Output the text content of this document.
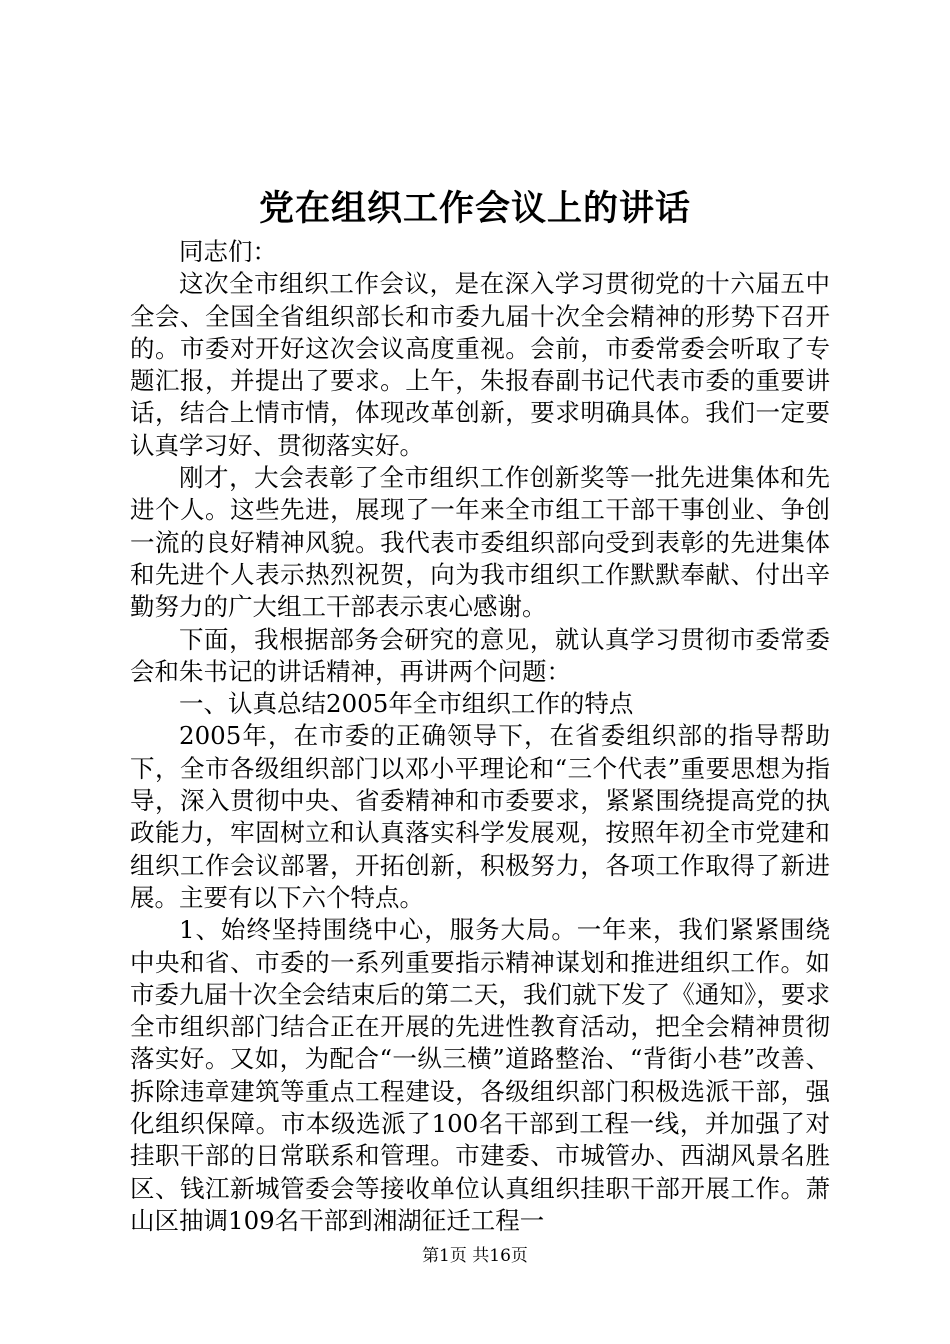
党在组织工作会议上的讲话

同志们：

这次全市组织工作会议，是在深入学习贯彻党的十六届五中全会、全国全省组织部长和市委九届十次全会精神的形势下召开的。市委对开好这次会议高度重视。会前，市委常委会听取了专题汇报，并提出了要求。上午，朱报春副书记代表市委的重要讲话，结合上情市情，体现改革创新，要求明确具体。我们一定要认真学习好、贯彻落实好。

刚才，大会表彰了全市组织工作创新奖等一批先进集体和先进个人。这些先进，展现了一年来全市组工干部干事创业、争创一流的良好精神风貌。我代表市委组织部向受到表彰的先进集体和先进个人表示热烈祝贺，向为我市组织工作默默奉献、付出辛勤努力的广大组工干部表示衷心感谢。

下面，我根据部务会研究的意见，就认真学习贯彻市委常委会和朱书记的讲话精神，再讲两个问题：

一、认真总结2005年全市组织工作的特点

2005年，在市委的正确领导下，在省委组织部的指导帮助下，全市各级组织部门以邓小平理论和“三个代表”重要思想为指导，深入贯彻中央、省委精神和市委要求，紧紧围绕提高党的执政能力，牢固树立和认真落实科学发展观，按照年初全市党建和组织工作会议部署，开拓创新，积极努力，各项工作取得了新进展。主要有以下六个特点。

1、始终坚持围绕中心，服务大局。一年来，我们紧紧围绕中央和省、市委的一系列重要指示精神谋划和推进组织工作。如市委九届十次全会结束后的第二天，我们就下发了《通知》，要求全市组织部门结合正在开展的先进性教育活动，把全会精神贯彻落实好。又如，为配合“一纵三横”道路整治、“背街小巷”改善、拆除违章建筑等重点工程建设，各级组织部门积极选派干部，强化组织保障。市本级选派了100名干部到工程一线，并加强了对挂职干部的日常联系和管理。市建委、市城管办、西湖风景名胜区、钱江新城管委会等接收单位认真组织挂职干部开展工作。萧山区抽调109名干部到湘湖征迁工程一

第1页 共16页
